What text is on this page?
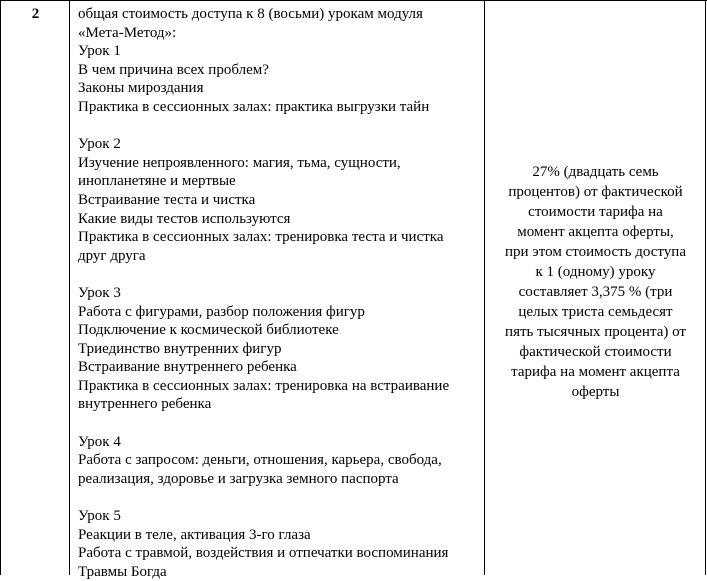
2	общая стоимость доступа к 8 (восьми) урокам модуля
«Мета-Метод»:
Урок 1
В чем причина всех проблем?
Законы мироздания
Практика в сессионных залах: практика выгрузки тайн
Урок 2
Изучение непроявленного: магия, тьма, сущности,
инопланетяне и мертвые
Встраивание теста и чистка
Какие виды тестов используются
Практика в сессионных залах: тренировка теста и чистка
друг друга
Урок 3
Работа с фигурами, разбор положения фигур
Подключение к космической библиотеке
Триединство внутренних фигур
Встраивание внутреннего ребенка
Практика в сессионных залах: тренировка на встраивание
внутреннего ребенка
Урок 4
Работа с запросом: деньги, отношения, карьера, свобода,
реализация, здоровье и загрузка земного паспорта
Урок 5
Реакции в теле, активация 3-го глаза
Работа с травмой, воздействия и отпечатки воспоминания
Травмы Богда
27% (двадцать семь
процентов) от фактической
стоимости тарифа на
момент акцепта оферты,
при этом стоимость доступа
к 1 (одному) уроку
составляет 3,375 % (три
целых триста семьдесят
пять тысячных процента) от
фактической стоимости
тарифа на момент акцепта
оферты
